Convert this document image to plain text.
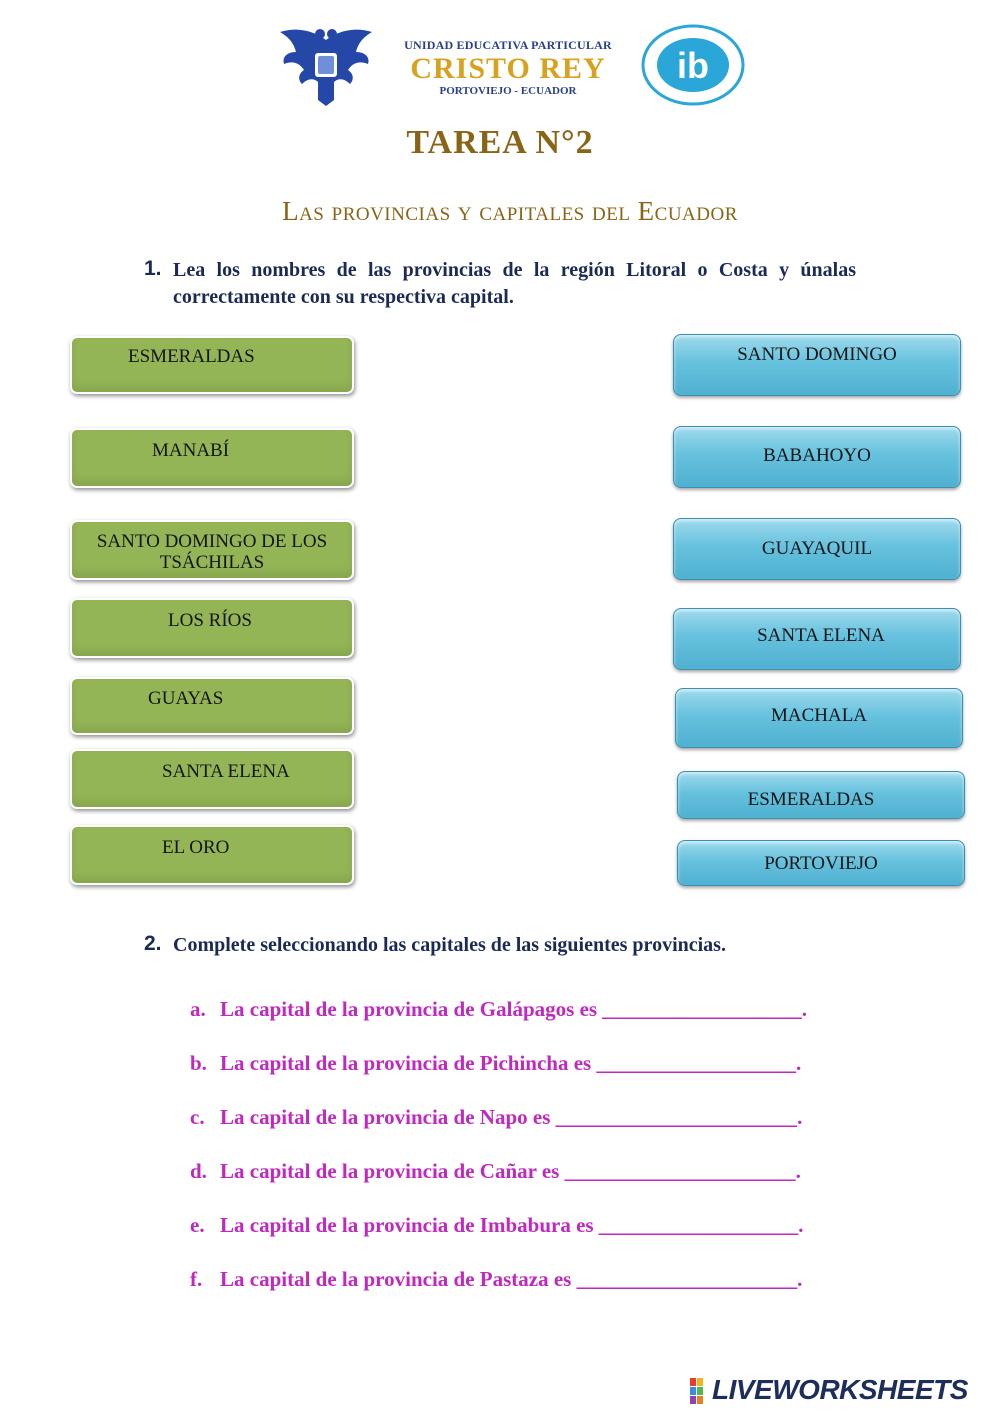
UNIDAD EDUCATIVA PARTICULAR
CRISTO REY
PORTOVIEJO - ECUADOR
ib
TAREA N°2
Las provincias y capitales del Ecuador
1. Lea los nombres de las provincias de la región Litoral o Costa y únalas correctamente con su respectiva capital.
ESMERALDAS
MANABÍ
SANTO DOMINGO DE LOS TSÁCHILAS
LOS RÍOS
GUAYAS
SANTA ELENA
EL ORO
SANTO DOMINGO
BABAHOYO
GUAYAQUIL
SANTA ELENA
MACHALA
ESMERALDAS
PORTOVIEJO
2. Complete seleccionando las capitales de las siguientes provincias.
a. La capital de la provincia de Galápagos es ___________________.
b. La capital de la provincia de Pichincha es ___________________.
c. La capital de la provincia de Napo es _______________________.
d. La capital de la provincia de Cañar es ______________________.
e. La capital de la provincia de Imbabura es ___________________.
f. La capital de la provincia de Pastaza es _____________________.
LIVEWORKSHEETS
